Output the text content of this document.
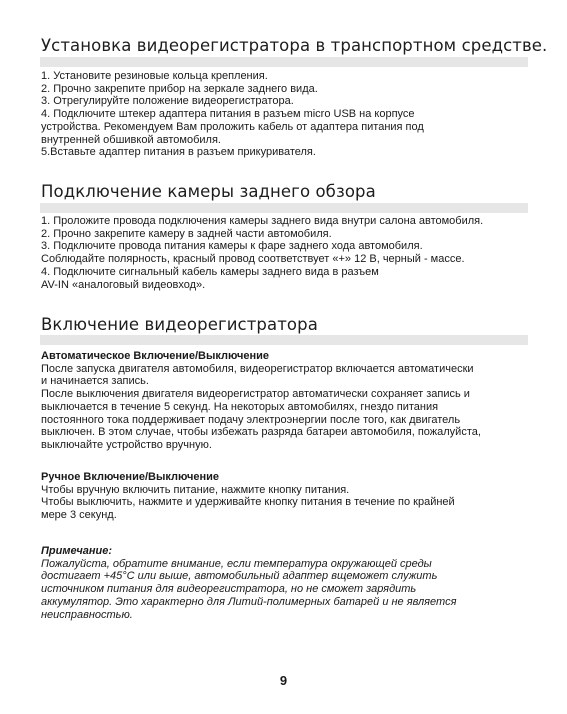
Установка видеорегистратора в транспортном средстве.

1. Установите резиновые кольца крепления.

2. Прочно закрепите прибор на зеркале заднего вида.

3. Отрегулируйте положение видеорегистратора.

4. Подключите штекер адаптера питания в разъем micro USB на корпусе

устройства. Рекомендуем Вам проложить кабель от адаптера питания под

внутренней обшивкой автомобиля.

5.Вставьте адаптер питания в разъем прикуривателя.

Подключение камеры заднего обзора

1. Проложите провода подключения камеры заднего вида внутри салона автомобиля.

2. Прочно закрепите камеру в задней части автомобиля.

3. Подключите провода питания камеры к фаре заднего хода автомобиля.

Соблюдайте полярность, красный провод соответствует «+» 12 В, черный - массе.

4. Подключите сигнальный кабель камеры заднего вида в разъем

AV-IN «аналоговый видеовход».

Включение видеорегистратора

Автоматическое Включение/Выключение

После запуска двигателя автомобиля, видеорегистратор включается автоматически

и начинается запись.

После выключения двигателя видеорегистратор автоматически сохраняет запись и

выключается в течение 5 секунд. На некоторых автомобилях, гнездо питания

постоянного тока поддерживает подачу электроэнергии после того, как двигатель

выключен. В этом случае, чтобы избежать разряда батареи автомобиля, пожалуйста,

выключайте устройство вручную.

Ручное Включение/Выключение

Чтобы вручную включить питание, нажмите кнопку питания.

Чтобы выключить, нажмите и удерживайте кнопку питания в течение по крайней

мере 3 секунд.

Примечание:

Пожалуйста, обратите внимание, если температура окружающей среды

достигает +45°C или выше, автомобильный адаптер вщеможет служить

источником питания для видеорегистратора, но не сможет зарядить

аккумулятор. Это характерно для Литий-полимерных батарей и не является

неисправностью.

9
